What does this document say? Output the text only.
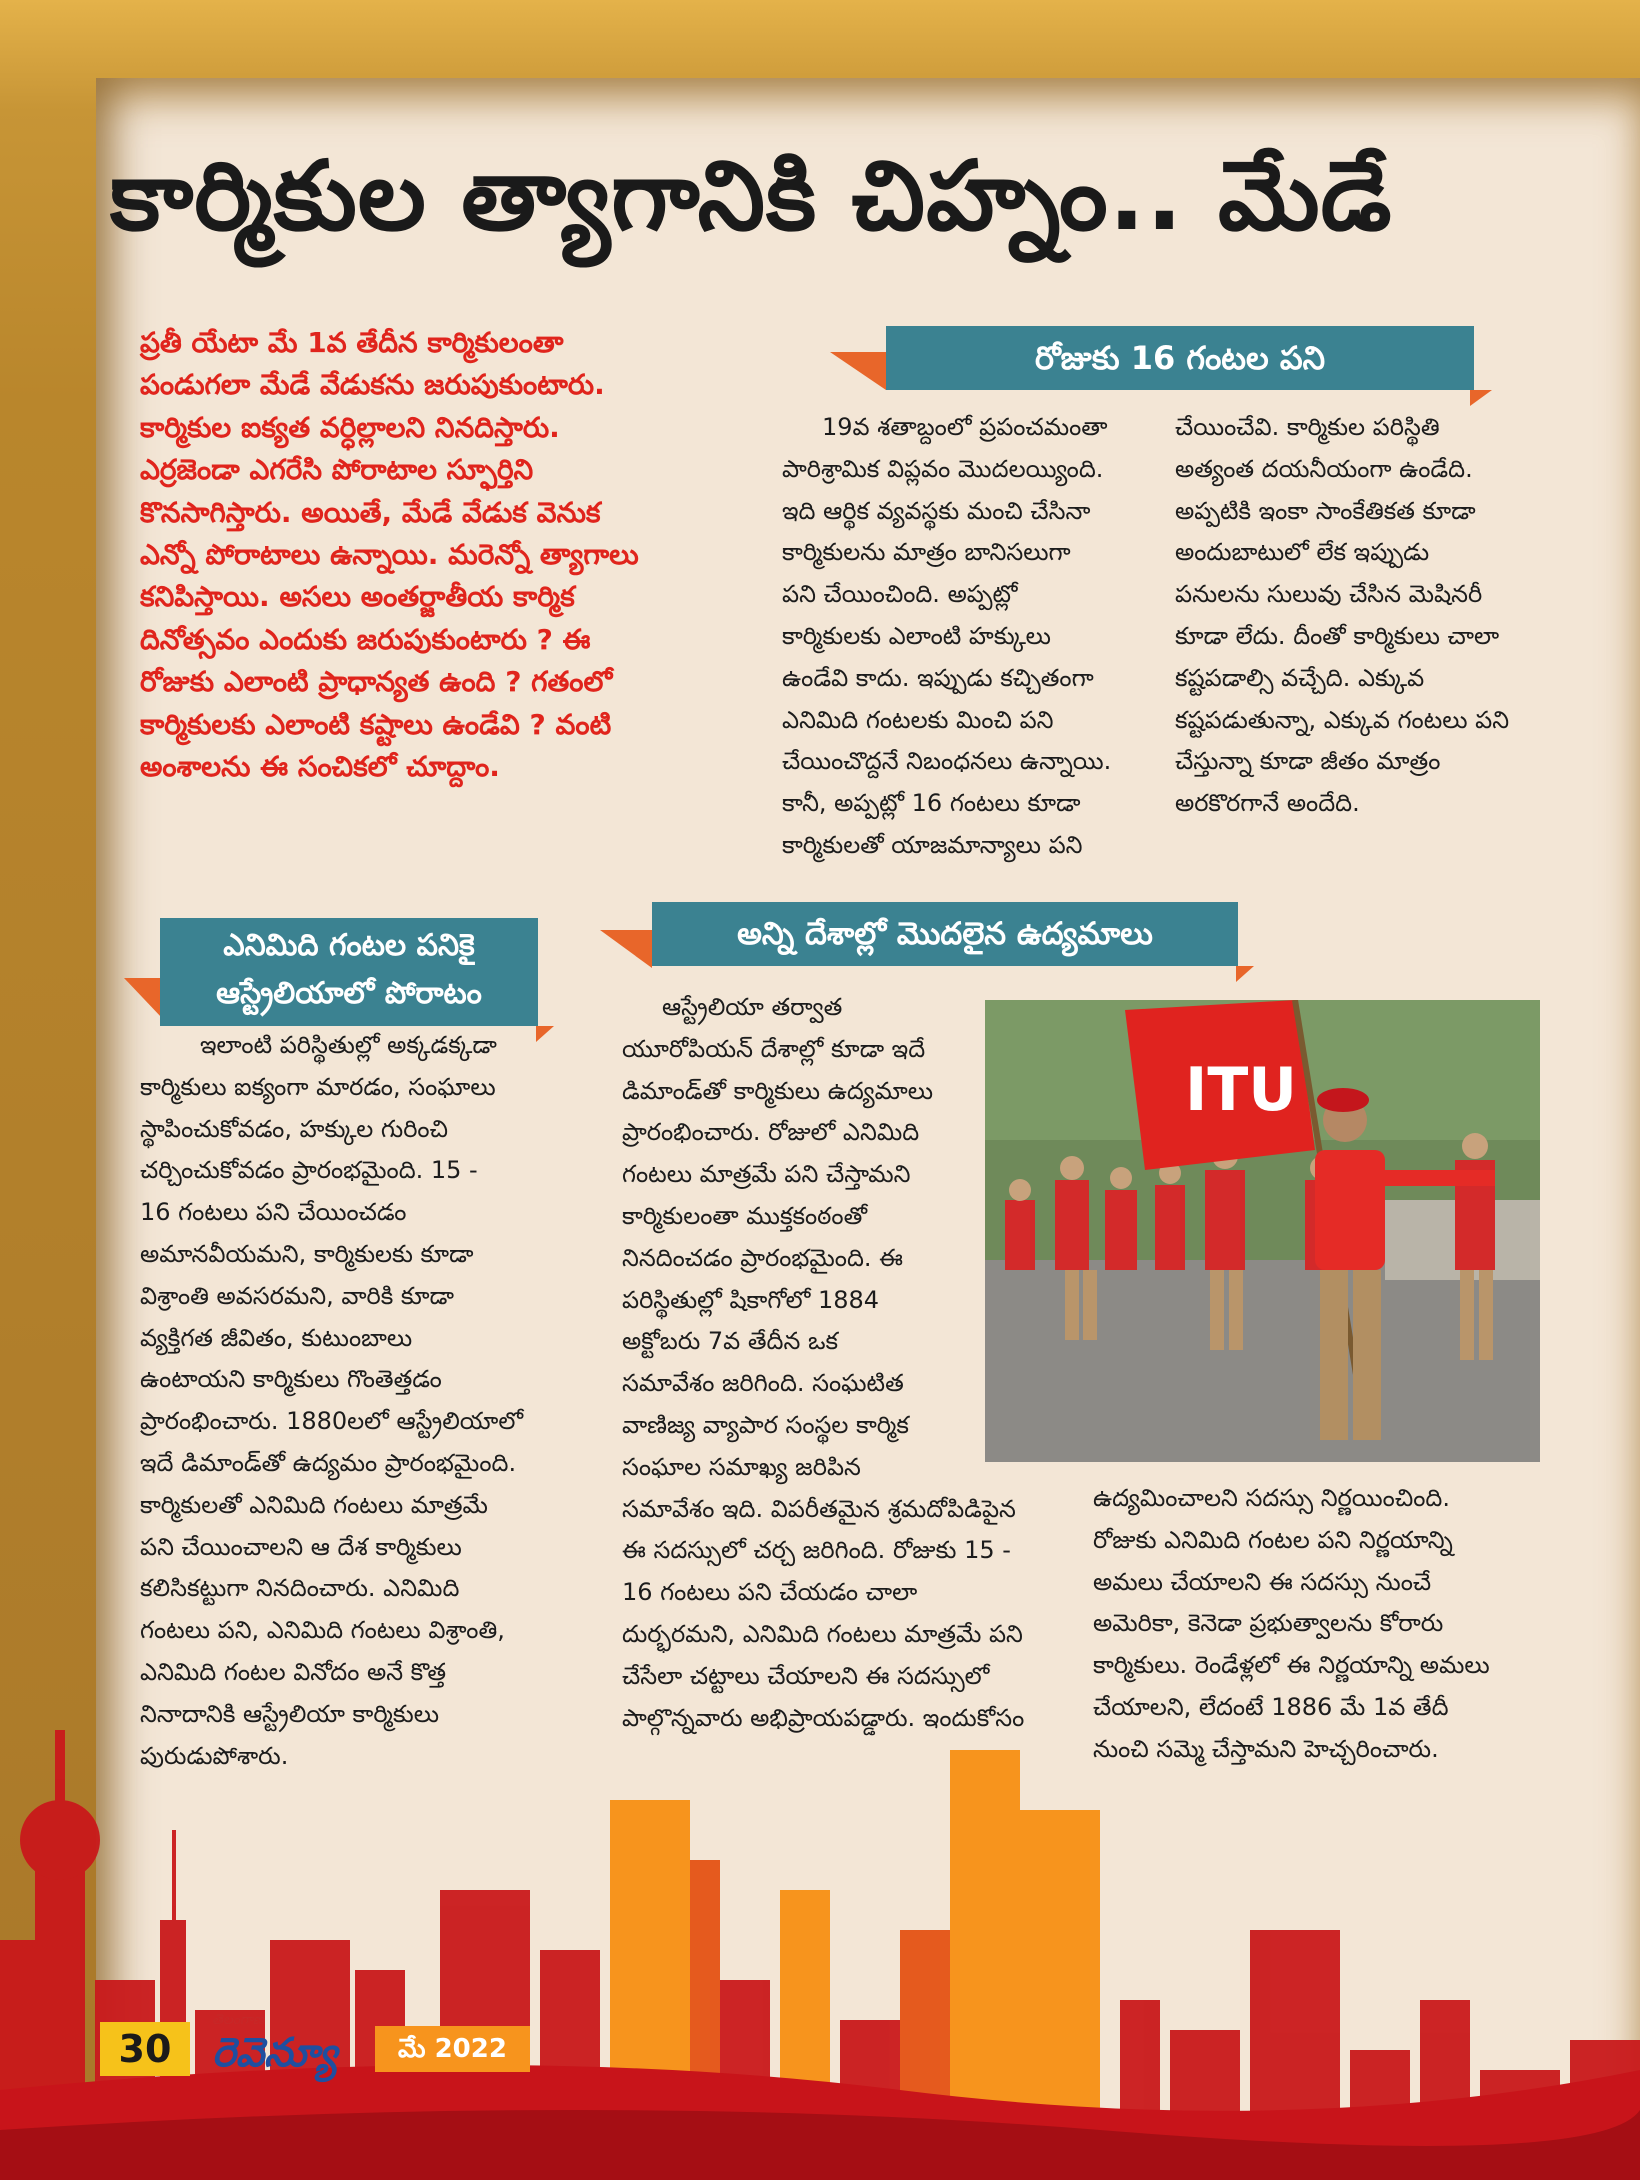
కార్మికుల త్యాగానికి చిహ్నం.. మేడే
ప్రతీ యేటా మే 1వ తేదీన కార్మికులంతా
పండుగలా మేడే వేడుకను జరుపుకుంటారు.
కార్మికుల ఐక్యత వర్ధిల్లాలని నినదిస్తారు.
ఎర్రజెండా ఎగరేసి పోరాటాల స్ఫూర్తిని
కొనసాగిస్తారు. అయితే, మేడే వేడుక వెనుక
ఎన్నో పోరాటాలు ఉన్నాయి. మరెన్నో త్యాగాలు
కనిపిస్తాయి. అసలు అంతర్జాతీయ కార్మిక
దినోత్సవం ఎందుకు జరుపుకుంటారు ? ఈ
రోజుకు ఎలాంటి ప్రాధాన్యత ఉంది ? గతంలో
కార్మికులకు ఎలాంటి కష్టాలు ఉండేవి ? వంటి
అంశాలను ఈ సంచికలో చూద్దాం.
రోజుకు 16 గంటల పని
19వ శతాబ్దంలో ప్రపంచమంతా
పారిశ్రామిక విప్లవం మొదలయ్యింది.
ఇది ఆర్థిక వ్యవస్థకు మంచి చేసినా
కార్మికులను మాత్రం బానిసలుగా
పని చేయించింది. అప్పట్లో
కార్మికులకు ఎలాంటి హక్కులు
ఉండేవి కాదు. ఇప్పుడు కచ్చితంగా
ఎనిమిది గంటలకు మించి పని
చేయించొద్దనే నిబంధనలు ఉన్నాయి.
కానీ, అప్పట్లో 16 గంటలు కూడా
కార్మికులతో యాజమాన్యాలు పని
చేయించేవి. కార్మికుల పరిస్థితి
అత్యంత దయనీయంగా ఉండేది.
అప్పటికి ఇంకా సాంకేతికత కూడా
అందుబాటులో లేక ఇప్పుడు
పనులను సులువు చేసిన మెషినరీ
కూడా లేదు. దీంతో కార్మికులు చాలా
కష్టపడాల్సి వచ్చేది. ఎక్కువ
కష్టపడుతున్నా, ఎక్కువ గంటలు పని
చేస్తున్నా కూడా జీతం మాత్రం
అరకొరగానే అందేది.
ఎనిమిది గంటల పనికై
ఆస్ట్రేలియాలో పోరాటం
ఇలాంటి పరిస్థితుల్లో అక్కడక్కడా
కార్మికులు ఐక్యంగా మారడం, సంఘాలు
స్థాపించుకోవడం, హక్కుల గురించి
చర్చించుకోవడం ప్రారంభమైంది. 15 -
16 గంటలు పని చేయించడం
అమానవీయమని, కార్మికులకు కూడా
విశ్రాంతి అవసరమని, వారికి కూడా
వ్యక్తిగత జీవితం, కుటుంబాలు
ఉంటాయని కార్మికులు గొంతెత్తడం
ప్రారంభించారు. 1880లలో ఆస్ట్రేలియాలో
ఇదే డిమాండ్‌తో ఉద్యమం ప్రారంభమైంది.
కార్మికులతో ఎనిమిది గంటలు మాత్రమే
పని చేయించాలని ఆ దేశ కార్మికులు
కలిసికట్టుగా నినదించారు. ఎనిమిది
గంటలు పని, ఎనిమిది గంటలు విశ్రాంతి,
ఎనిమిది గంటల వినోదం అనే కొత్త
నినాదానికి ఆస్ట్రేలియా కార్మికులు
పురుడుపోశారు.
అన్ని దేశాల్లో మొదలైన ఉద్యమాలు
ఆస్ట్రేలియా తర్వాత
యూరోపియన్ దేశాల్లో కూడా ఇదే
డిమాండ్‌తో కార్మికులు ఉద్యమాలు
ప్రారంభించారు. రోజులో ఎనిమిది
గంటలు మాత్రమే పని చేస్తామని
కార్మికులంతా ముక్తకంఠంతో
నినదించడం ప్రారంభమైంది. ఈ
పరిస్థితుల్లో షికాగోలో 1884
అక్టోబరు 7వ తేదీన ఒక
సమావేశం జరిగింది. సంఘటిత
వాణిజ్య వ్యాపార సంస్థల కార్మిక
సంఘాల సమాఖ్య జరిపిన
సమావేశం ఇది. విపరీతమైన శ్రమదోపిడిపైన
ఈ సదస్సులో చర్చ జరిగింది. రోజుకు 15 -
16 గంటలు పని చేయడం చాలా
దుర్భరమని, ఎనిమిది గంటలు మాత్రమే పని
చేసేలా చట్టాలు చేయాలని ఈ సదస్సులో
పాల్గొన్నవారు అభిప్రాయపడ్డారు. ఇందుకోసం
ITU
ఉద్యమించాలని సదస్సు నిర్ణయించింది.
రోజుకు ఎనిమిది గంటల పని నిర్ణయాన్ని
అమలు చేయాలని ఈ సదస్సు నుంచే
అమెరికా, కెనెడా ప్రభుత్వాలను కోరారు
కార్మికులు. రెండేళ్లలో ఈ నిర్ణయాన్ని అమలు
చేయాలని, లేదంటే 1886 మే 1వ తేదీ
నుంచి సమ్మె చేస్తామని హెచ్చరించారు.
30
తెలంగాణ
రెవెన్యూ	మే 2022
